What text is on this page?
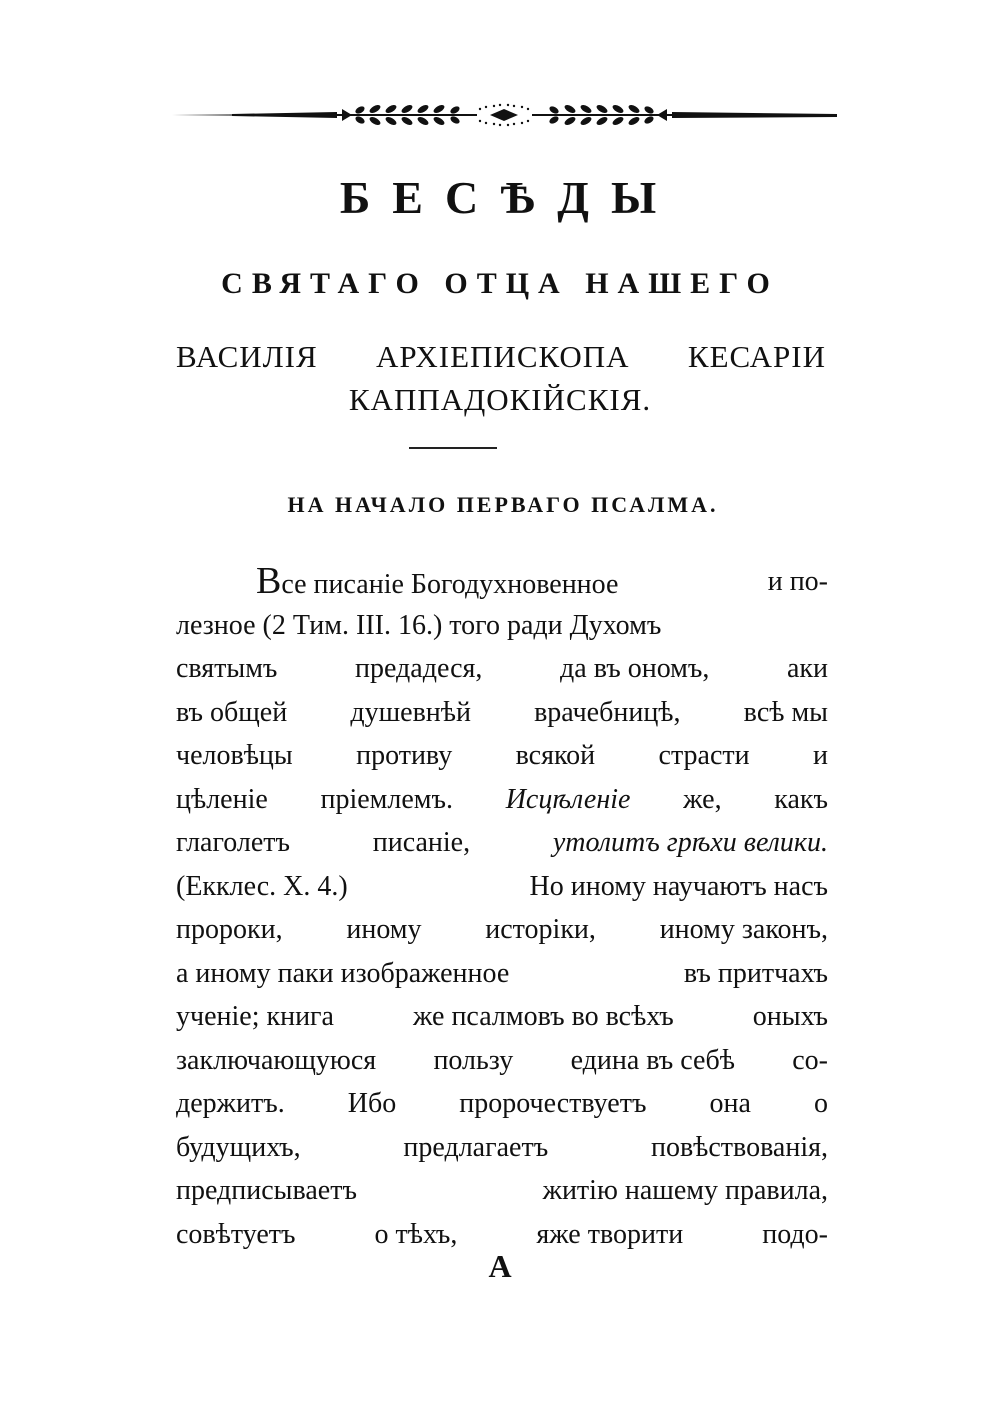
БЕСѢДЫ
СВЯТАГО ОТЦА НАШЕГО
ВАСИЛІЯ АРХІЕПИСКОПА КЕСАРІИ
КАППАДОКІЙСКІЯ.
НА НАЧАЛО ПЕРВАГО ПСАЛМА.
Все писаніе Богодухновенное	и по-
лезное (2 Тим. III. 16.) того ради Духомъ
святымъ	предадеся,	да въ ономъ,	аки
въ общей душевнѣй врачебницѣ, вcѣ мы
человѣцы противу всякой страсти и
цѣленіе пріемлемъ. Исцѣленіе же, какъ
глаголетъ	писаніе,	утолитъ грѣхи велики.
(Екклес. X. 4.)	Но иному научаютъ насъ
пророки, иному исторіки, иному законъ,
а иному паки изображенное	въ притчахъ
ученіе; книга	же псалмовъ во всѣхъ	оныхъ
заключающуюся пользу едина въ себѣ со-
держитъ. Ибо пророчествуетъ она о
будущихъ,	предлагаетъ	повѣствованія,
предписываетъ	житію нашему правила,
совѣтуетъ	о тѣхъ,	яже творити	подо-
А
